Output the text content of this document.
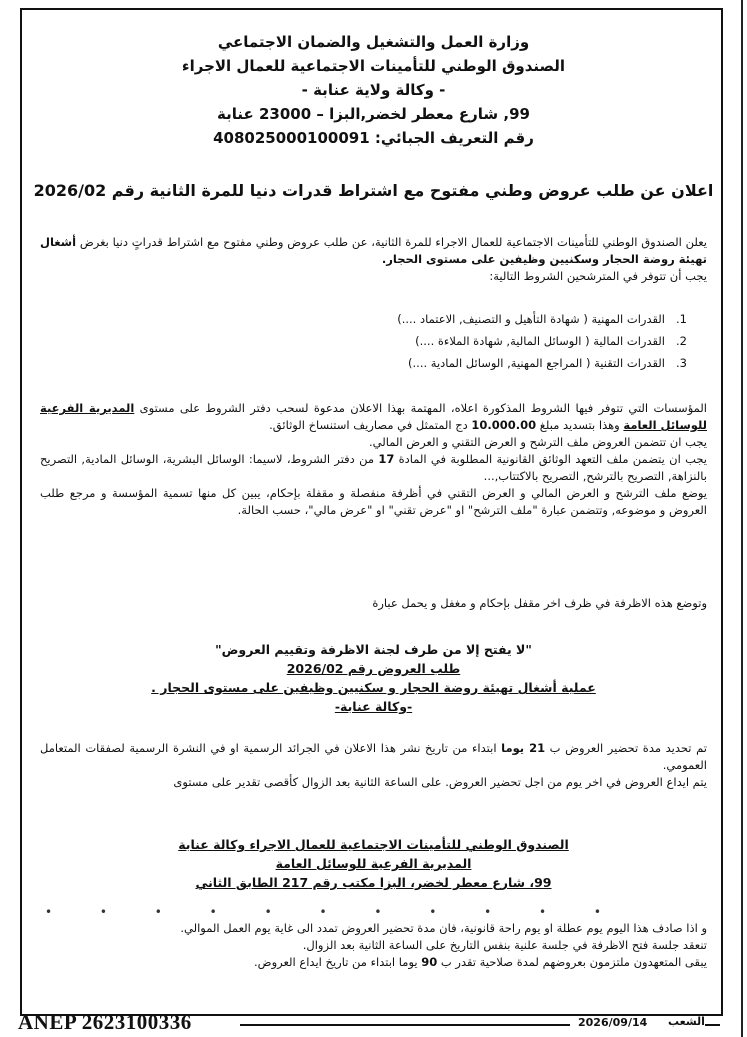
وزارة العمل والتشغيل والضمان الاجتماعي
الصندوق الوطني للتأمينات الاجتماعية للعمال الاجراء
- وكالة ولاية عنابة -
99, شارع معطر لخضر,البزا – 23000 عنابة
رقم التعريف الجبائي: 408025000100091
اعلان عن طلب عروض وطني مفتوح مع اشتراط قدرات دنيا للمرة الثانية رقم 2026/02
يعلن الصندوق الوطني للتأمينات الاجتماعية للعمال الاجراء للمرة الثانية، عن طلب عروض وطني مفتوح مع اشتراط قدراتٍ دنيا بغرض أشغال تهيئة روضة الحجار وسكنيين وظيفين على مستوى الحجار.
يجب أن تتوفر في المترشحين الشروط التالية:
1.القدرات المهنية ( شهادة التأهيل و التصنيف, الاعتماد ....)
2.القدرات المالية ( الوسائل المالية, شهادة الملاءة ....)
3.القدرات التقنية ( المراجع المهنية, الوسائل المادية ....)
المؤسسات التي تتوفر فيها الشروط المذكورة اعلاه، المهتمة بهذا الاعلان مدعوة لسحب دفتر الشروط على مستوى المديرية الفرعية للوسائل العامة وهذا بتسديد مبلغ 10.000.00 دج المتمثل في مصاريف استنساخ الوثائق.
يجب ان تتضمن العروض ملف الترشح و العرض التقني و العرض المالي.
يجب ان يتضمن ملف التعهد الوثائق القانونية المطلوبة في المادة 17 من دفتر الشروط، لاسيما: الوسائل البشرية، الوسائل المادية, التصريح بالنزاهة, التصريح بالترشح, التصريح بالاكتتاب,...
يوضع ملف الترشح و العرض المالي و العرض التقني في أظرفة منفصلة و مقفلة بإحكام، يبين كل منها تسمية المؤسسة و مرجع طلب العروض و موضوعه, وتتضمن عبارة "ملف الترشح" او "عرض تقني" او "عرض مالي"، حسب الحالة.
وتوضع هذه الاظرفة في ظرف اخر مقفل بإحكام و مغفل و يحمل عبارة
"لا يفتح إلا من طرف لجنة الاظرفة وتقييم العروض"
طلب العروض رقم 2026/02
عملية أشغال تهيئة روضة الحجار و سكنيين وظيفين على مستوى الحجار .
-وكالة عنابة-
تم تحديد مدة تحضير العروض ب 21 يوما ابتداء من تاريخ نشر هذا الاعلان في الجرائد الرسمية او في النشرة الرسمية لصفقات المتعامل العمومي.
يتم ايداع العروض في اخر يوم من اجل تحضير العروض. على الساعة الثانية بعد الزوال كأقصى تقدير على مستوى
الصندوق الوطني للتأمينات الاجتماعية للعمال الاجراء وكالة عنابة
المديرية الفرعية للوسائل العامة
99، شارع معطر لخضر، البزا مكتب رقم 217 الطابق الثاني
• • • • • • • • • • •
و اذا صادف هذا اليوم يوم عطلة او يوم راحة قانونية، فان مدة تحضير العروض تمدد الى غاية يوم العمل الموالي.
تنعقد جلسة فتح الاظرفة في جلسة علنية بنفس التاريخ على الساعة الثانية بعد الزوال.
يبقى المتعهدون ملتزمون بعروضهم لمدة صلاحية تقدر ب 90 يوما ابتداء من تاريخ ايداع العروض.
ANEP 2623100336	2026/09/14 الشعب
